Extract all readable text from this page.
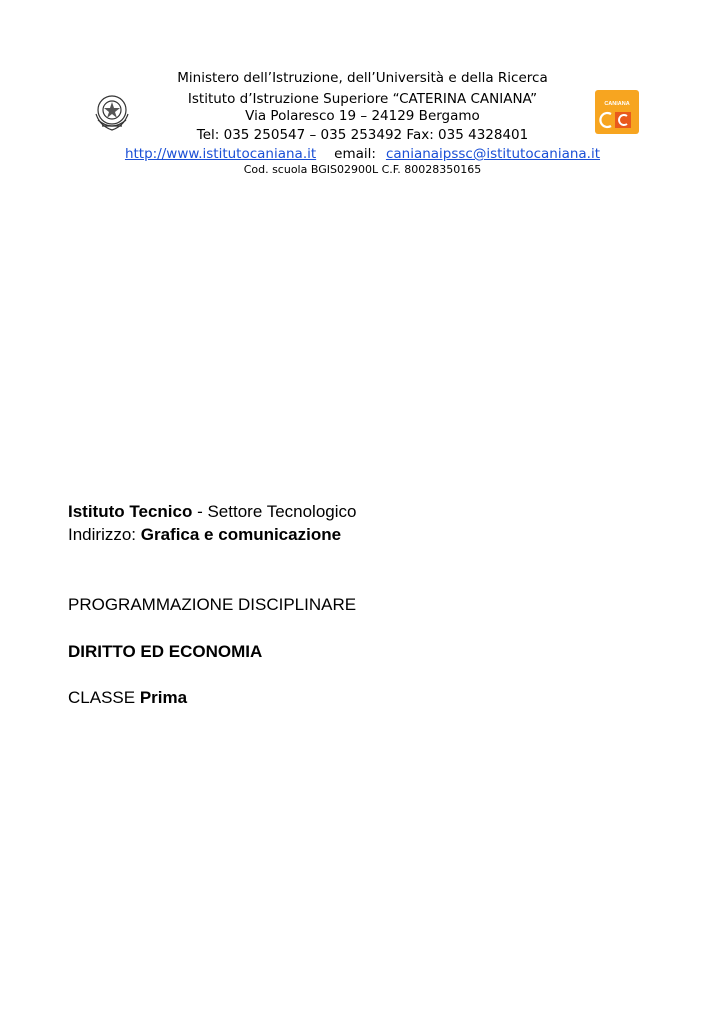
Ministero dell’Istruzione, dell’Università e della Ricerca
Istituto d’Istruzione Superiore “CATERINA CANIANA”
Via Polaresco 19 – 24129 Bergamo
Tel: 035 250547 – 035 253492 Fax: 035 4328401
http://www.istitutocaniana.it email: canianaipssc@istitutocaniana.it
Cod. scuola BGIS02900L C.F. 80028350165
CANIANA
Istituto Tecnico - Settore Tecnologico
Indirizzo: Grafica e comunicazione
PROGRAMMAZIONE DISCIPLINARE
DIRITTO ED ECONOMIA
CLASSE Prima
